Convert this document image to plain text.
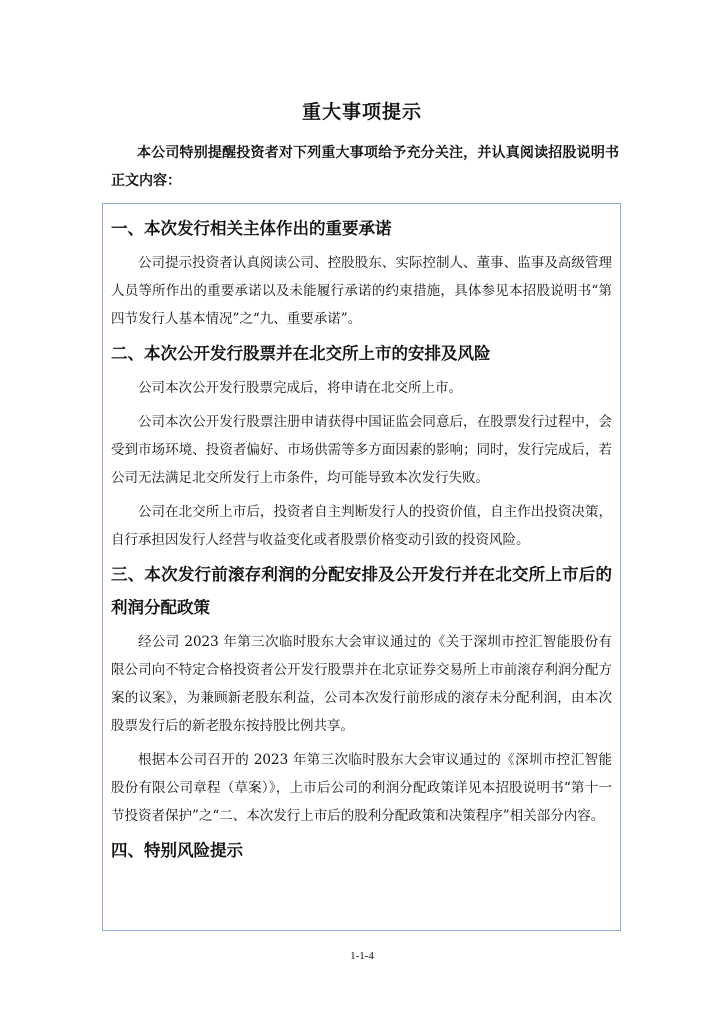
重大事项提示

本公司特别提醒投资者对下列重大事项给予充分关注，并认真阅读招股说明书正文内容：

一、本次发行相关主体作出的重要承诺

公司提示投资者认真阅读公司、控股股东、实际控制人、董事、监事及高级管理人员等所作出的重要承诺以及未能履行承诺的约束措施，具体参见本招股说明书“第四节发行人基本情况”之“九、重要承诺”。

二、本次公开发行股票并在北交所上市的安排及风险

公司本次公开发行股票完成后，将申请在北交所上市。

公司本次公开发行股票注册申请获得中国证监会同意后，在股票发行过程中，会受到市场环境、投资者偏好、市场供需等多方面因素的影响；同时，发行完成后，若公司无法满足北交所发行上市条件，均可能导致本次发行失败。

公司在北交所上市后，投资者自主判断发行人的投资价值，自主作出投资决策，自行承担因发行人经营与收益变化或者股票价格变动引致的投资风险。

三、本次发行前滚存利润的分配安排及公开发行并在北交所上市后的利润分配政策

经公司 2023 年第三次临时股东大会审议通过的《关于深圳市控汇智能股份有限公司向不特定合格投资者公开发行股票并在北京证券交易所上市前滚存利润分配方案的议案》，为兼顾新老股东利益，公司本次发行前形成的滚存未分配利润，由本次股票发行后的新老股东按持股比例共享。

根据本公司召开的 2023 年第三次临时股东大会审议通过的《深圳市控汇智能股份有限公司章程（草案）》，上市后公司的利润分配政策详见本招股说明书“第十一节投资者保护”之“二、本次发行上市后的股利分配政策和决策程序”相关部分内容。

四、特别风险提示
1-1-4
